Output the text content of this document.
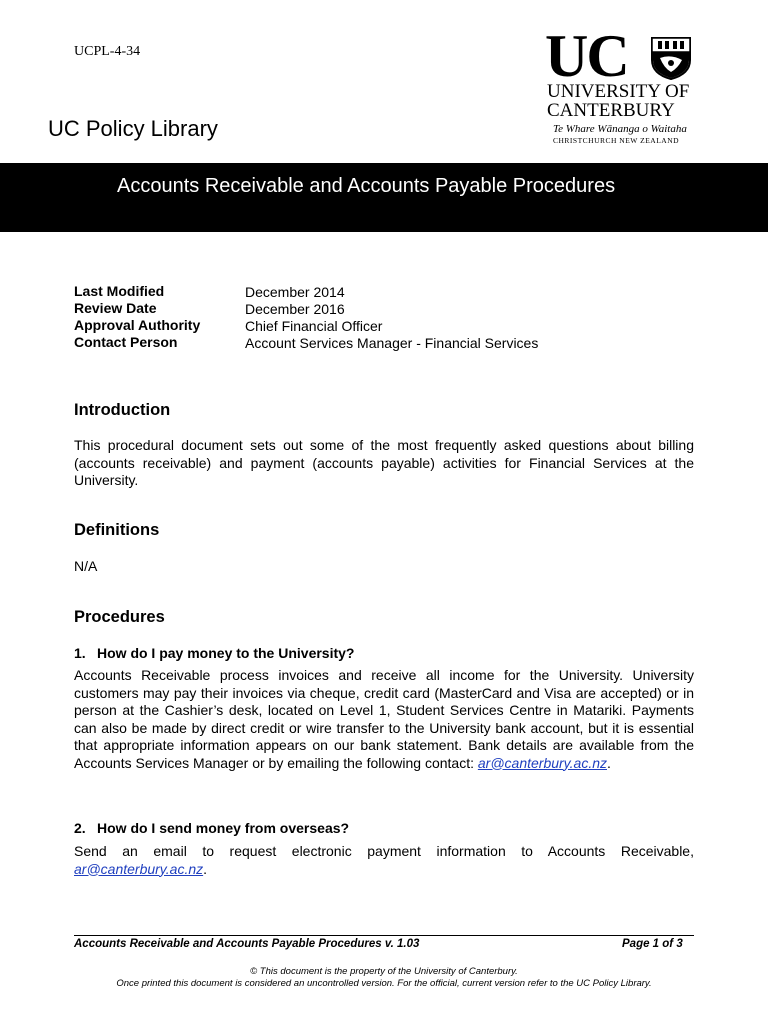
UCPL-4-34
UC Policy Library
UC
UNIVERSITY OF
CANTERBURY
Te Whare Wānanga o Waitaha
CHRISTCHURCH NEW ZEALAND
Accounts Receivable and Accounts Payable Procedures
Last Modified	December 2014
Review Date	December 2016
Approval Authority	Chief Financial Officer
Contact Person	Account Services Manager - Financial Services
Introduction

This procedural document sets out some of the most frequently asked questions about billing (accounts receivable) and payment (accounts payable) activities for Financial Services at the University.

Definitions

N/A

Procedures
1. How do I pay money to the University?

Accounts Receivable process invoices and receive all income for the University. University customers may pay their invoices via cheque, credit card (MasterCard and Visa are accepted) or in person at the Cashier’s desk, located on Level 1, Student Services Centre in Matariki. Payments can also be made by direct credit or wire transfer to the University bank account, but it is essential that appropriate information appears on our bank statement. Bank details are available from the Accounts Services Manager or by emailing the following contact: ar@canterbury.ac.nz.

2. How do I send money from overseas?

Send an email to request electronic payment information to Accounts Receivable, ar@canterbury.ac.nz.

Accounts Receivable and Accounts Payable Procedures v. 1.03	Page 1 of 3
© This document is the property of the University of Canterbury.
Once printed this document is considered an uncontrolled version. For the official, current version refer to the UC Policy Library.
